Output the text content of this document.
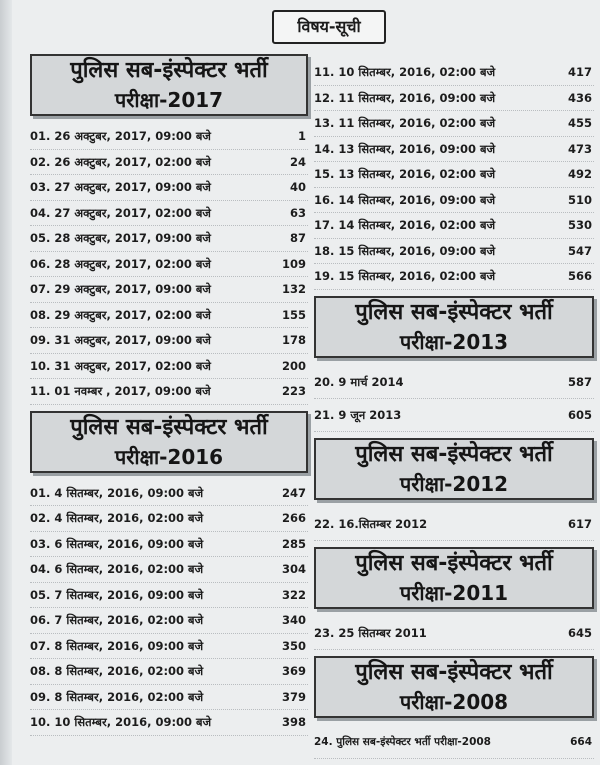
विषय-सूची
पुलिस सब-इंस्पेक्टर भर्ती
परीक्षा-2017
01. 26 अक्टुबर, 2017, 09:00 बजे	1
02. 26 अक्टुबर, 2017, 02:00 बजे	24
03. 27 अक्टुबर, 2017, 09:00 बजे	40
04. 27 अक्टुबर, 2017, 02:00 बजे	63
05. 28 अक्टुबर, 2017, 09:00 बजे	87
06. 28 अक्टुबर, 2017, 02:00 बजे	109
07. 29 अक्टुबर, 2017, 09:00 बजे	132
08. 29 अक्टुबर, 2017, 02:00 बजे	155
09. 31 अक्टुबर, 2017, 09:00 बजे	178
10. 31 अक्टुबर, 2017, 02:00 बजे	200
11. 01 नवम्बर , 2017, 09:00 बजे	223
पुलिस सब-इंस्पेक्टर भर्ती
परीक्षा-2016
01. 4 सितम्बर, 2016, 09:00 बजे	247
02. 4 सितम्बर, 2016, 02:00 बजे	266
03. 6 सितम्बर, 2016, 09:00 बजे	285
04. 6 सितम्बर, 2016, 02:00 बजे	304
05. 7 सितम्बर, 2016, 09:00 बजे	322
06. 7 सितम्बर, 2016, 02:00 बजे	340
07. 8 सितम्बर, 2016, 09:00 बजे	350
08. 8 सितम्बर, 2016, 02:00 बजे	369
09. 8 सितम्बर, 2016, 02:00 बजे	379
10. 10 सितम्बर, 2016, 09:00 बजे	398
11. 10 सितम्बर, 2016, 02:00 बजे	417
12. 11 सितम्बर, 2016, 09:00 बजे	436
13. 11 सितम्बर, 2016, 02:00 बजे	455
14. 13 सितम्बर, 2016, 09:00 बजे	473
15. 13 सितम्बर, 2016, 02:00 बजे	492
16. 14 सितम्बर, 2016, 09:00 बजे	510
17. 14 सितम्बर, 2016, 02:00 बजे	530
18. 15 सितम्बर, 2016, 09:00 बजे	547
19. 15 सितम्बर, 2016, 02:00 बजे	566
पुलिस सब-इंस्पेक्टर भर्ती
परीक्षा-2013
20. 9 मार्च 2014	587
21. 9 जून 2013	605
पुलिस सब-इंस्पेक्टर भर्ती
परीक्षा-2012
22. 16.सितम्बर 2012	617
पुलिस सब-इंस्पेक्टर भर्ती
परीक्षा-2011
23. 25 सितम्बर 2011	645
पुलिस सब-इंस्पेक्टर भर्ती
परीक्षा-2008
24. पुलिस सब-इंस्पेक्टर भर्ती परीक्षा-2008	664
